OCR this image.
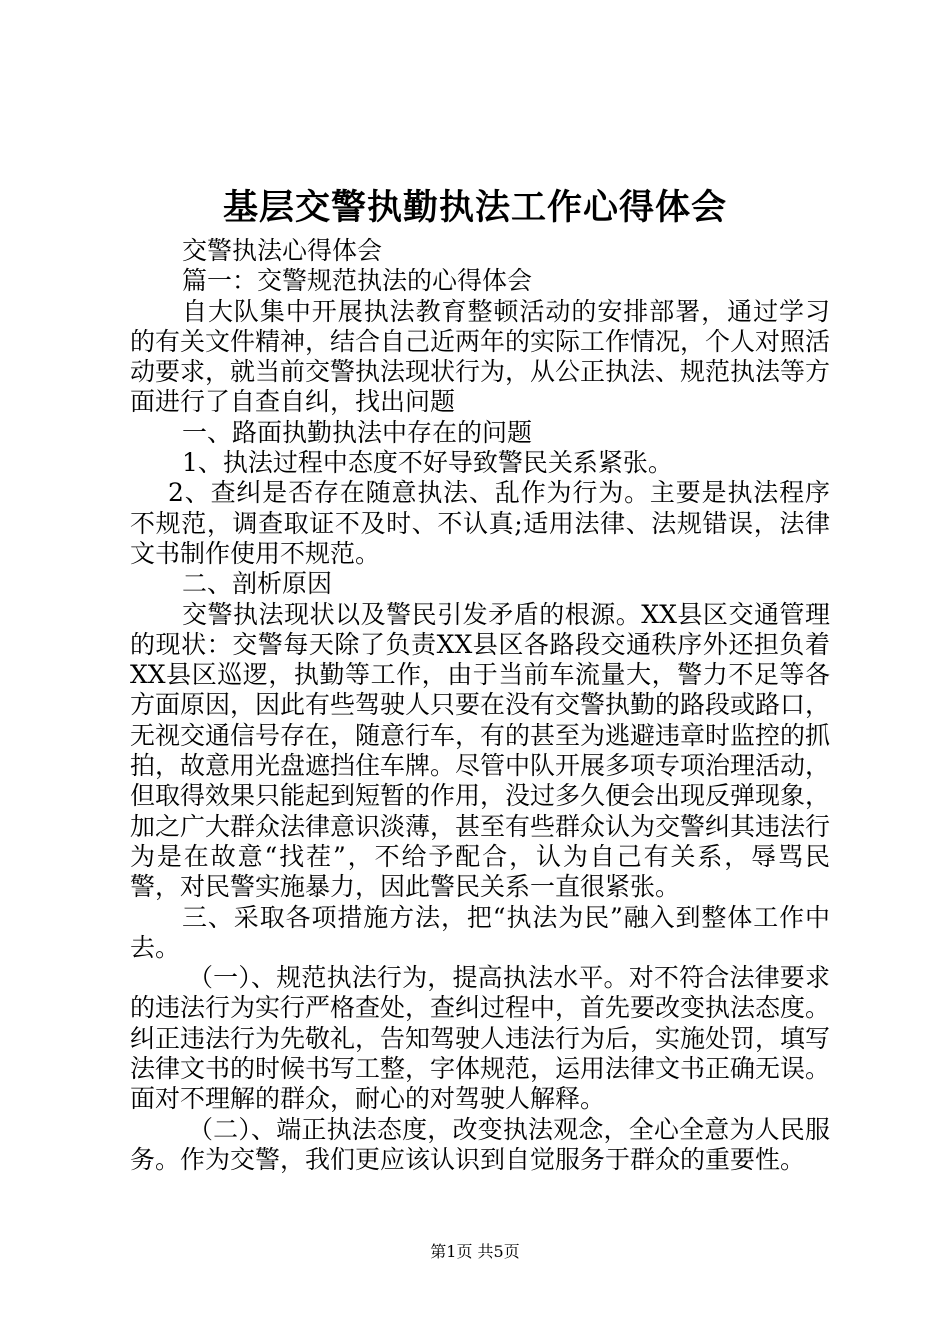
基层交警执勤执法工作心得体会

交警执法心得体会

篇一：交警规范执法的心得体会

自大队集中开展执法教育整顿活动的安排部署，通过学习的有关文件精神，结合自己近两年的实际工作情况，个人对照活动要求，就当前交警执法现状行为，从公正执法、规范执法等方面进行了自查自纠，找出问题

一、路面执勤执法中存在的问题

1、执法过程中态度不好导致警民关系紧张。

2、查纠是否存在随意执法、乱作为行为。主要是执法程序不规范，调查取证不及时、不认真;适用法律、法规错误，法律文书制作使用不规范。

二、剖析原因

交警执法现状以及警民引发矛盾的根源。XX县区交通管理的现状：交警每天除了负责XX县区各路段交通秩序外还担负着XX县区巡逻，执勤等工作，由于当前车流量大，警力不足等各方面原因，因此有些驾驶人只要在没有交警执勤的路段或路口，无视交通信号存在，随意行车，有的甚至为逃避违章时监控的抓拍，故意用光盘遮挡住车牌。尽管中队开展多项专项治理活动，但取得效果只能起到短暂的作用，没过多久便会出现反弹现象，加之广大群众法律意识淡薄，甚至有些群众认为交警纠其违法行为是在故意“找茬”，不给予配合，认为自己有关系，辱骂民警，对民警实施暴力，因此警民关系一直很紧张。

三、采取各项措施方法，把“执法为民”融入到整体工作中去。

（一）、规范执法行为，提高执法水平。对不符合法律要求的违法行为实行严格查处，查纠过程中，首先要改变执法态度。纠正违法行为先敬礼，告知驾驶人违法行为后，实施处罚，填写法律文书的时候书写工整，字体规范，运用法律文书正确无误。面对不理解的群众，耐心的对驾驶人解释。

（二）、端正执法态度，改变执法观念，全心全意为人民服务。作为交警，我们更应该认识到自觉服务于群众的重要性。

第1页 共5页
